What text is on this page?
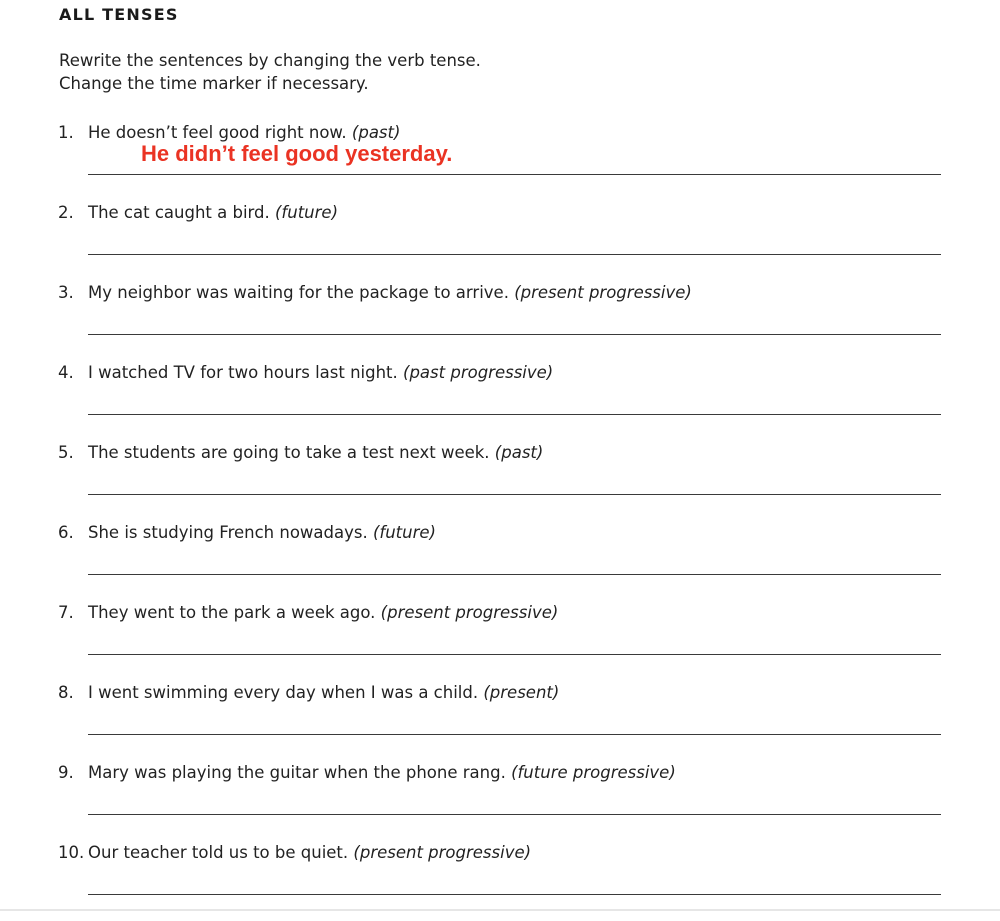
ALL TENSES
Rewrite the sentences by changing the verb tense.
Change the time marker if necessary.
1. He doesn’t feel good right now. (past)
He didn’t feel good yesterday.
2. The cat caught a bird. (future)
3. My neighbor was waiting for the package to arrive. (present progressive)
4. I watched TV for two hours last night. (past progressive)
5. The students are going to take a test next week. (past)
6. She is studying French nowadays. (future)
7. They went to the park a week ago. (present progressive)
8. I went swimming every day when I was a child. (present)
9. Mary was playing the guitar when the phone rang. (future progressive)
10. Our teacher told us to be quiet. (present progressive)
